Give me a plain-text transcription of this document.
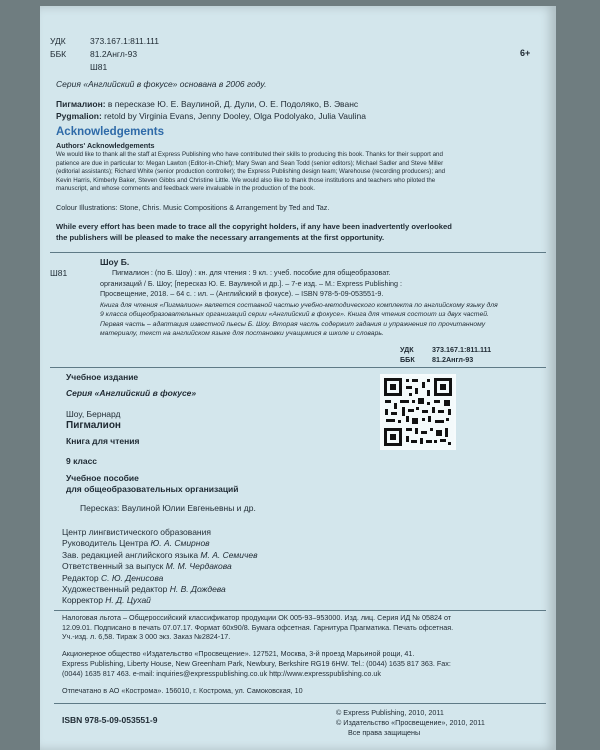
УДК	373.167.1:811.111
ББК	81.2Англ-93
Ш81
6+
Серия «Английский в фокусе» основана в 2006 году.
Пигмалион: в пересказе Ю. Е. Ваулиной, Д. Дули, О. Е. Подоляко, В. Эванс
Pygmalion: retold by Virginia Evans, Jenny Dooley, Olga Podolyako, Julia Vaulina
Acknowledgements
Authors' Acknowledgements
We would like to thank all the staff at Express Publishing who have contributed their skills to producing this book. Thanks for their support and
patience are due in particular to: Megan Lawton (Editor-in-Chief); Mary Swan and Sean Todd (senior editors); Michael Sadler and Steve Miller
(editorial assistants); Richard White (senior production controller); the Express Publishing design team; Warehouse (recording producers); and
Kevin Harris, Kimberly Baker, Steven Gibbs and Christine Little. We would also like to thank those institutions and teachers who piloted the
manuscript, and whose comments and feedback were invaluable in the production of the book.
Colour Illustrations: Stone, Chris. Music Compositions & Arrangement by Ted and Taz.
While every effort has been made to trace all the copyright holders, if any have been inadvertently overlooked
the publishers will be pleased to make the necessary arrangements at the first opportunity.
Шоу Б.
Ш81	Пигмалион : (по Б. Шоу) : кн. для чтения : 9 кл. : учеб. пособие для общеобразоват.
организаций / Б. Шоу; [пересказ Ю. Е. Ваулиной и др.]. – 7-е изд. – М.: Express Publishing :
Просвещение, 2018. – 64 с. : ил. – (Английский в фокусе). – ISBN 978-5-09-053551-9.
Книга для чтения «Пигмалион» является составной частью учебно-методического комплекта по английскому языку для
9 класса общеобразовательных организаций серии «Английский в фокусе». Книга для чтения состоит из двух частей.
Первая часть – адаптация известной пьесы Б. Шоу. Вторая часть содержит задания и упражнения по прочитанному
материалу, текст на английском языке для постановки учащимися в школе и словарь.
УДК	373.167.1:811.111
ББК 81.2Англ-93
Учебное издание
Серия «Английский в фокусе»
Шоу, Бернард
Пигмалион
Книга для чтения
9 класс
Учебное пособие
для общеобразовательных организаций
Пересказ: Ваулиной Юлии Евгеньевны и др.
Центр лингвистического образования
Руководитель Центра Ю. А. Смирнов
Зав. редакцией английского языка М. А. Семичев
Ответственный за выпуск М. М. Чердакова
Редактор С. Ю. Денисова
Художественный редактор Н. В. Дождева
Корректор Н. Д. Цухай
Налоговая льгота – Общероссийский классификатор продукции ОК 005-93–953000. Изд. лиц. Серия ИД № 05824 от
12.09.01. Подписано в печать 07.07.17. Формат 60х90/8. Бумага офсетная. Гарнитура Прагматика. Печать офсетная.
Уч.-изд. л. 6,58. Тираж 3 000 экз. Заказ №2824-17.
Акционерное общество «Издательство «Просвещение». 127521, Москва, 3-й проезд Марьиной рощи, 41.
Express Publishing, Liberty House, New Greenham Park, Newbury, Berkshire RG19 6HW. Tel.: (0044) 1635 817 363. Fax:
(0044) 1635 817 463. e-mail: inquiries@expresspublishing.co.uk http://www.expresspublishing.co.uk
Отпечатано в АО «Кострома». 156010, г. Кострома, ул. Самоковская, 10
ISBN 978-5-09-053551-9
© Express Publishing, 2010, 2011
© Издательство «Просвещение», 2010, 2011
Все права защищены
